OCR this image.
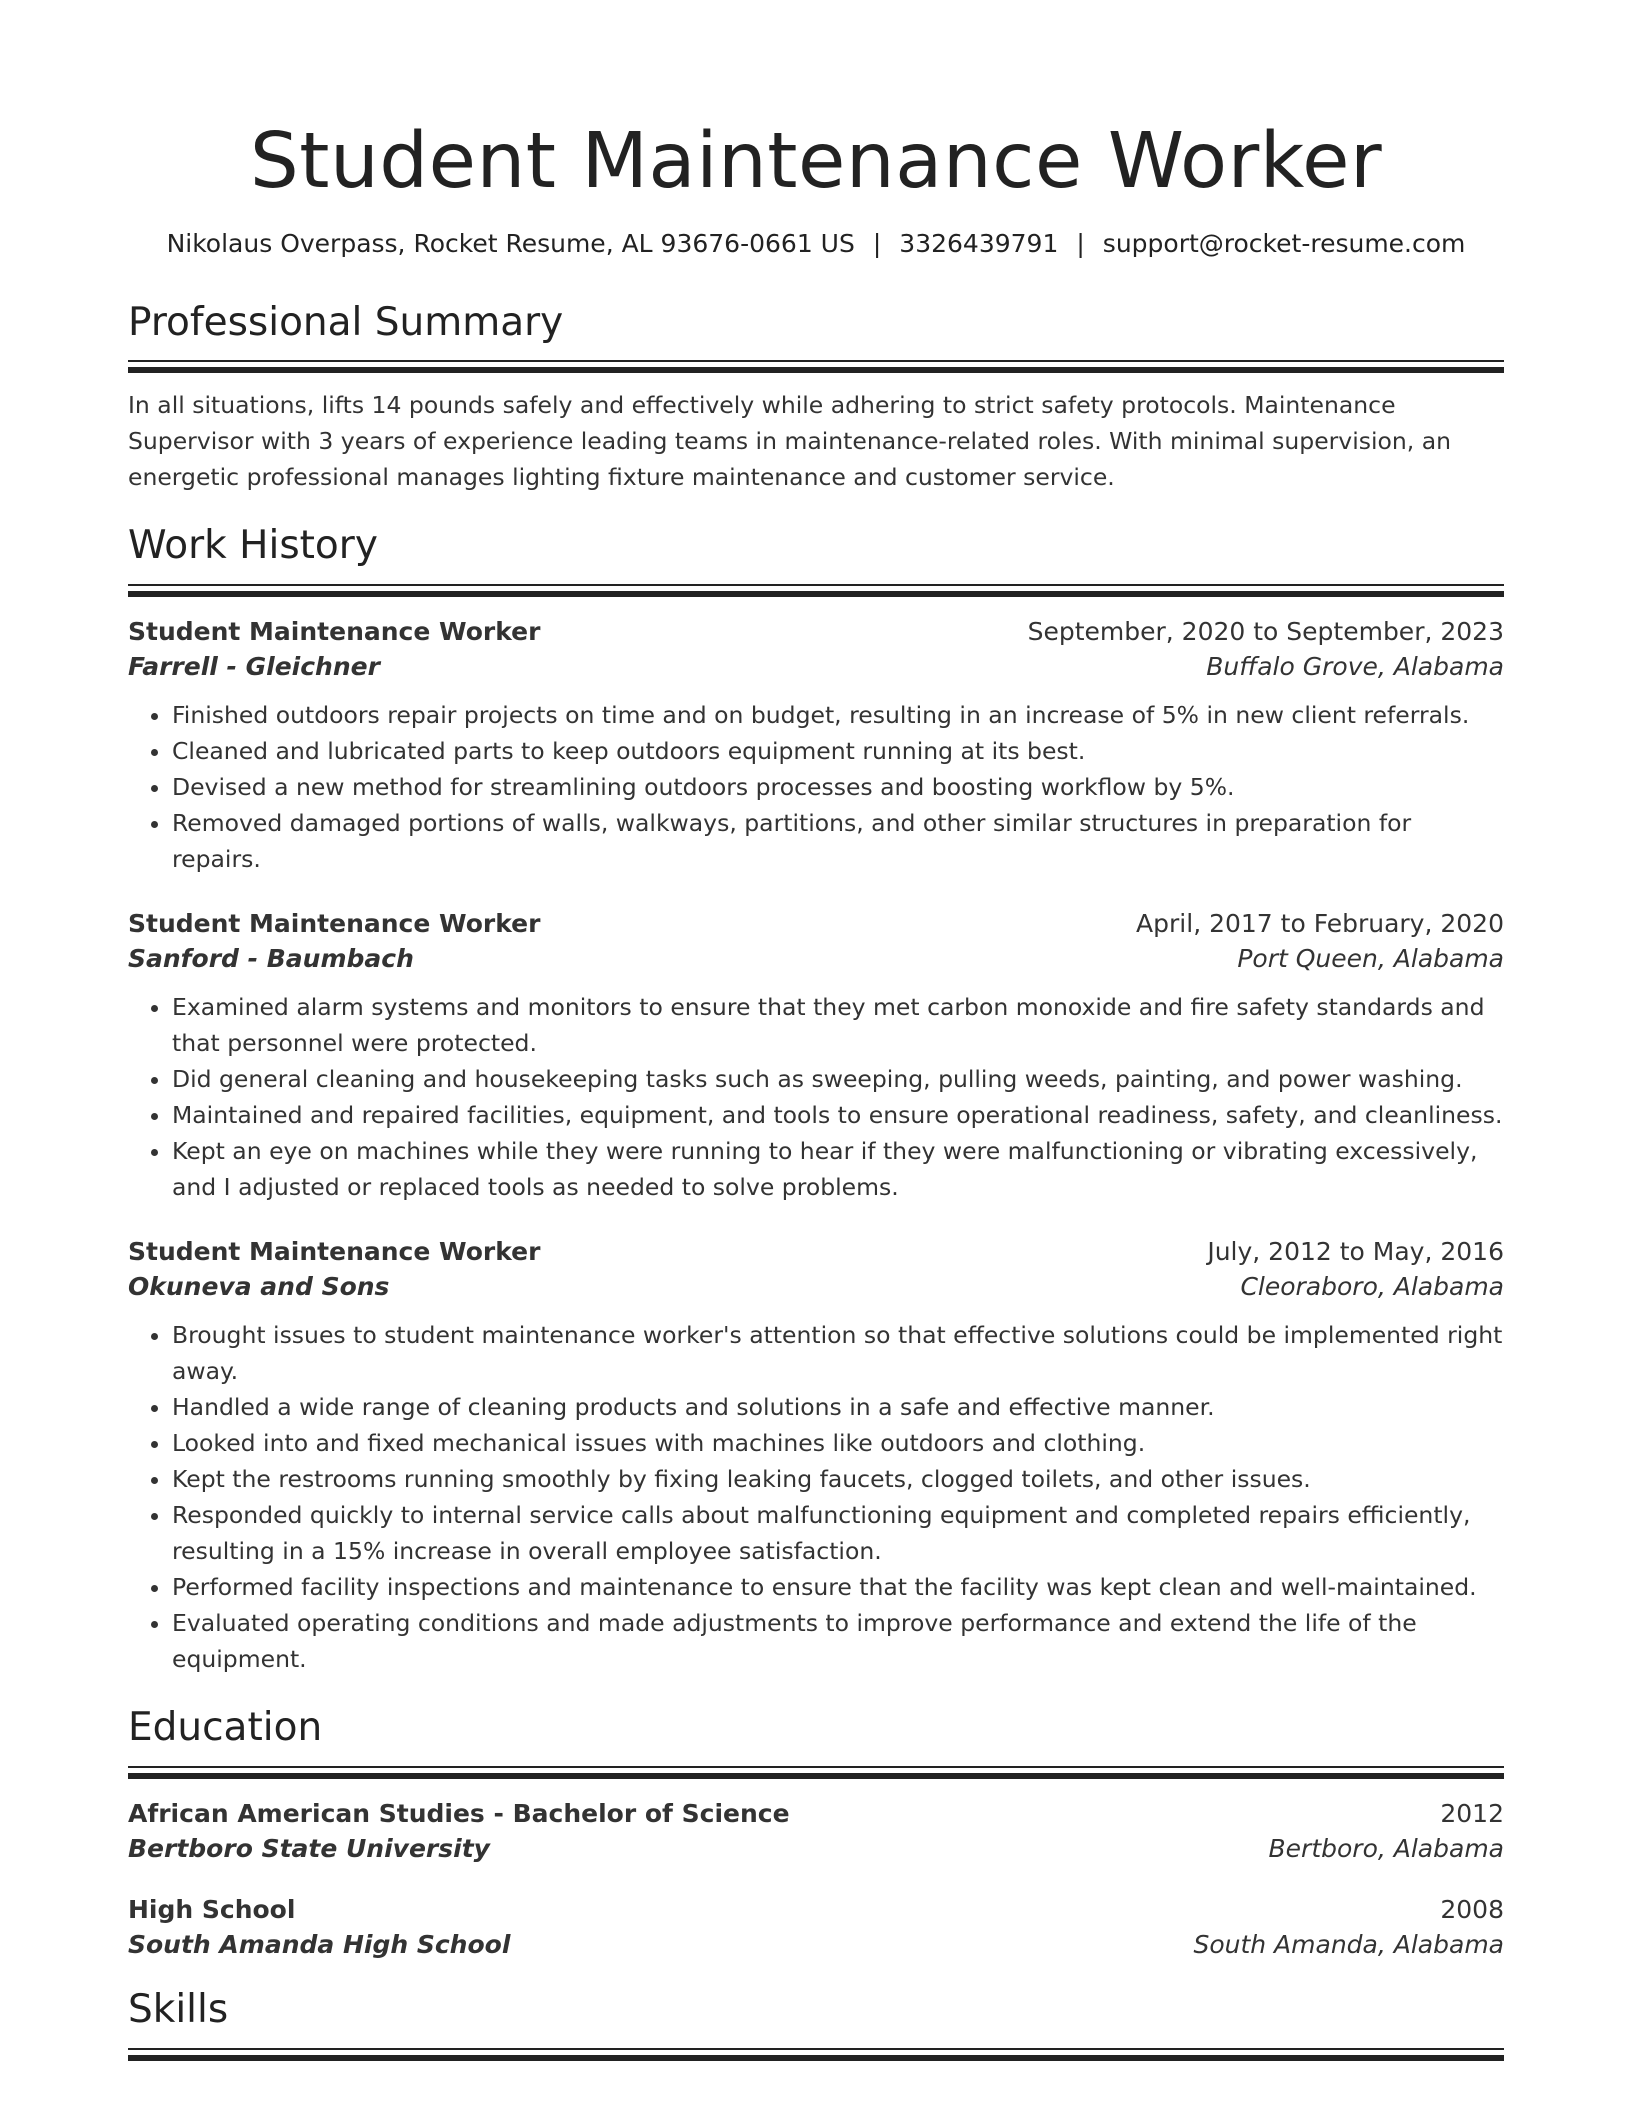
Student Maintenance Worker
Nikolaus Overpass, Rocket Resume, AL 93676-0661 US | 3326439791 | support@rocket-resume.com
Professional Summary

In all situations, lifts 14 pounds safely and effectively while adhering to strict safety protocols. Maintenance Supervisor with 3 years of experience leading teams in maintenance-related roles. With minimal supervision, an energetic professional manages lighting fixture maintenance and customer service.

Work History
Student Maintenance Worker	September, 2020 to September, 2023
Farrell - Gleichner	Buffalo Grove, Alabama
• Finished outdoors repair projects on time and on budget, resulting in an increase of 5% in new client referrals.
• Cleaned and lubricated parts to keep outdoors equipment running at its best.
• Devised a new method for streamlining outdoors processes and boosting workflow by 5%.
• Removed damaged portions of walls, walkways, partitions, and other similar structures in preparation for repairs.
Student Maintenance Worker	April, 2017 to February, 2020
Sanford - Baumbach	Port Queen, Alabama
• Examined alarm systems and monitors to ensure that they met carbon monoxide and fire safety standards and that personnel were protected.
• Did general cleaning and housekeeping tasks such as sweeping, pulling weeds, painting, and power washing.
• Maintained and repaired facilities, equipment, and tools to ensure operational readiness, safety, and cleanliness.
• Kept an eye on machines while they were running to hear if they were malfunctioning or vibrating excessively, and I adjusted or replaced tools as needed to solve problems.
Student Maintenance Worker	July, 2012 to May, 2016
Okuneva and Sons	Cleoraboro, Alabama
• Brought issues to student maintenance worker's attention so that effective solutions could be implemented right away.
• Handled a wide range of cleaning products and solutions in a safe and effective manner.
• Looked into and fixed mechanical issues with machines like outdoors and clothing.
• Kept the restrooms running smoothly by fixing leaking faucets, clogged toilets, and other issues.
• Responded quickly to internal service calls about malfunctioning equipment and completed repairs efficiently, resulting in a 15% increase in overall employee satisfaction.
• Performed facility inspections and maintenance to ensure that the facility was kept clean and well-maintained.
• Evaluated operating conditions and made adjustments to improve performance and extend the life of the equipment.
Education
African American Studies - Bachelor of Science	2012
Bertboro State University	Bertboro, Alabama
High School	2008
South Amanda High School	South Amanda, Alabama
Skills
